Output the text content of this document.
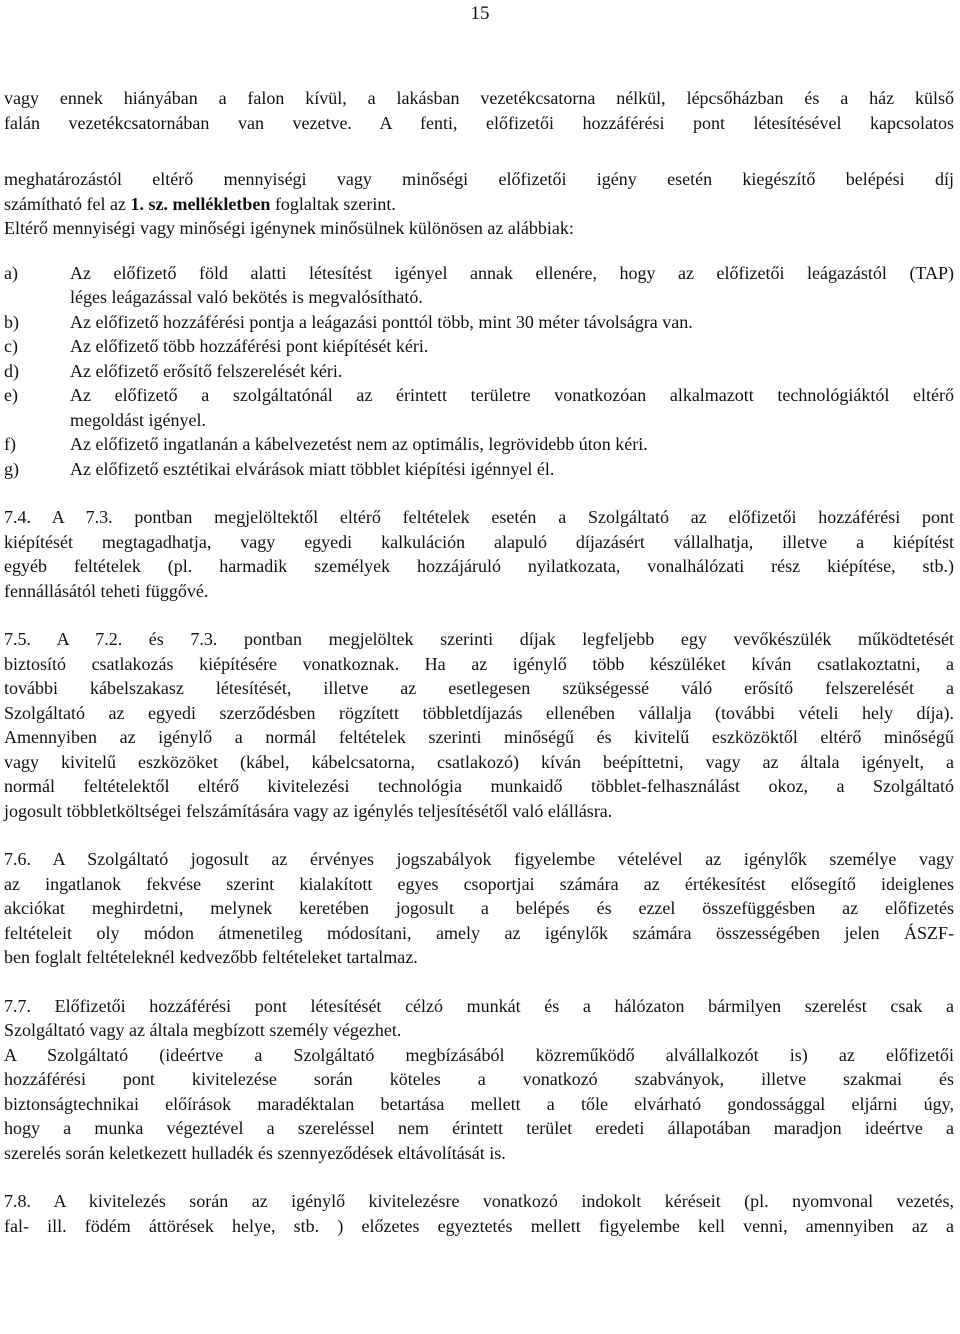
15
vagy ennek hiányában a falon kívül, a lakásban vezetékcsatorna nélkül, lépcsőházban és a ház külső
falán vezetékcsatornában van vezetve. A fenti, előfizetői hozzáférési pont létesítésével kapcsolatos
meghatározástól eltérő mennyiségi vagy minőségi előfizetői igény esetén kiegészítő belépési díj
számítható fel az 1. sz. mellékletben foglaltak szerint.
Eltérő mennyiségi vagy minőségi igénynek minősülnek különösen az alábbiak:
a)	Az előfizető föld alatti létesítést igényel annak ellenére, hogy az előfizetői leágazástól (TAP)
léges leágazással való bekötés is megvalósítható.
b)	Az előfizető hozzáférési pontja a leágazási ponttól több, mint 30 méter távolságra van.
c)	Az előfizető több hozzáférési pont kiépítését kéri.
d)	Az előfizető erősítő felszerelését kéri.
e)	Az előfizető a szolgáltatónál az érintett területre vonatkozóan alkalmazott technológiáktól eltérő
megoldást igényel.
f)	Az előfizető ingatlanán a kábelvezetést nem az optimális, legrövidebb úton kéri.
g)	Az előfizető esztétikai elvárások miatt többlet kiépítési igénnyel él.
7.4. A 7.3. pontban megjelöltektől eltérő feltételek esetén a Szolgáltató az előfizetői hozzáférési pont
kiépítését megtagadhatja, vagy egyedi kalkuláción alapuló díjazásért vállalhatja, illetve a kiépítést
egyéb feltételek (pl. harmadik személyek hozzájáruló nyilatkozata, vonalhálózati rész kiépítése, stb.)
fennállásától teheti függővé.
7.5. A 7.2. és 7.3. pontban megjelöltek szerinti díjak legfeljebb egy vevőkészülék működtetését
biztosító csatlakozás kiépítésére vonatkoznak. Ha az igénylő több készüléket kíván csatlakoztatni, a
további kábelszakasz létesítését, illetve az esetlegesen szükségessé váló erősítő felszerelését a
Szolgáltató az egyedi szerződésben rögzített többletdíjazás ellenében vállalja (további vételi hely díja).
Amennyiben az igénylő a normál feltételek szerinti minőségű és kivitelű eszközöktől eltérő minőségű
vagy kivitelű eszközöket (kábel, kábelcsatorna, csatlakozó) kíván beépíttetni, vagy az általa igényelt, a
normál feltételektől eltérő kivitelezési technológia munkaidő többlet-felhasználást okoz, a Szolgáltató
jogosult többletköltségei felszámítására vagy az igénylés teljesítésétől való elállásra.
7.6. A Szolgáltató jogosult az érvényes jogszabályok figyelembe vételével az igénylők személye vagy
az ingatlanok fekvése szerint kialakított egyes csoportjai számára az értékesítést elősegítő ideiglenes
akciókat meghirdetni, melynek keretében jogosult a belépés és ezzel összefüggésben az előfizetés
feltételeit oly módon átmenetileg módosítani, amely az igénylők számára összességében jelen ÁSZF-
ben foglalt feltételeknél kedvezőbb feltételeket tartalmaz.
7.7. Előfizetői hozzáférési pont létesítését célzó munkát és a hálózaton bármilyen szerelést csak a
Szolgáltató vagy az általa megbízott személy végezhet.
A Szolgáltató (ideértve a Szolgáltató megbízásából közreműködő alvállalkozót is) az előfizetői
hozzáférési pont kivitelezése során köteles a vonatkozó szabványok, illetve szakmai és
biztonságtechnikai előírások maradéktalan betartása mellett a tőle elvárható gondossággal eljárni úgy,
hogy a munka végeztével a szereléssel nem érintett terület eredeti állapotában maradjon ideértve a
szerelés során keletkezett hulladék és szennyeződések eltávolítását is.
7.8. A kivitelezés során az igénylő kivitelezésre vonatkozó indokolt kéréseit (pl. nyomvonal vezetés,
fal- ill. födém áttörések helye, stb. ) előzetes egyeztetés mellett figyelembe kell venni, amennyiben az a
